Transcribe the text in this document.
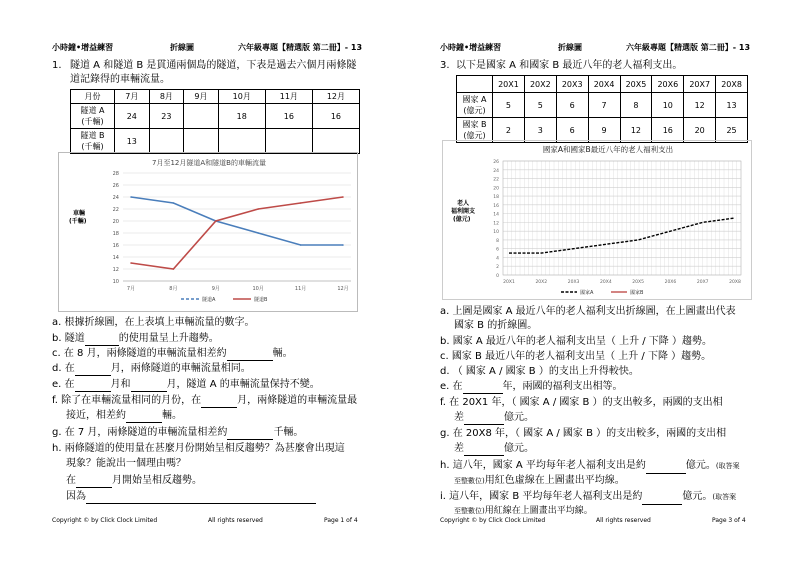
小時鐘•增益練習	折線圖	六年級專題【精選版 第二冊】- 13
1. 隧道 A 和隧道 B 是貫通兩個島的隧道，下表是過去六個月兩條隧
道記錄得的車輛流量。
月份	7月	8月	9月	10月	11月	12月
隧道 A
(千輛)	24	23		18	16	16
隧道 B
(千輛)	13					
7月至12月隧道A和隧道B的車輛流量
10
12
14
16
18
20
22
24
26
28
7月	8月	9月	10月	11月	12月
車輛
(千輛)
隧道A	隧道B
a. 根據折線圖，在上表填上車輛流量的數字。
b. 隧道	的使用量呈上升趨勢。
c. 在 8 月，兩條隧道的車輛流量相差約	輛。
d. 在	月，兩條隧道的車輛流量相同。
e. 在	月和	月，隧道 A 的車輛流量保持不變。
f. 除了在車輛流量相同的月份，在	月，兩條隧道的車輛流量最
接近，相差約	輛。
g. 在 7 月，兩條隧道的車輛流量相差約	千輛。
h. 兩條隧道的使用量在甚麼月份開始呈相反趨勢？為甚麼會出現這
現象？能說出一個理由嗎？
在	月開始呈相反趨勢。
因為
Copyright © by Click Clock Limited	All rights reserved	Page 1 of 4
小時鐘•增益練習	折線圖	六年級專題【精選版 第二冊】- 13
3. 以下是國家 A 和國家 B 最近八年的老人福利支出。
	20X1	20X2	20X3	20X4	20X5	20X6	20X7	20X8
國家 A
(億元)	5	5	6	7	8	10	12	13
國家 B
(億元)	2	3	6	9	12	16	20	25
國家A和國家B最近八年的老人福利支出
0
2
4
6
8
10
12
14
16
18
20
22
24
26
20X1	20X2	20X3	20X4	20X5	20X6	20X7	20X8
老人
福利開支
(億元)
國家A	國家B
a. 上圖是國家 A 最近八年的老人福利支出折線圖，在上圖畫出代表
國家 B 的折線圖。
b. 國家 A 最近八年的老人福利支出呈（ 上升 / 下降 ）趨勢。
c. 國家 B 最近八年的老人福利支出呈（ 上升 / 下降 ）趨勢。
d. （ 國家 A / 國家 B ）的支出上升得較快。
e. 在	年，兩國的福利支出相等。
f. 在 20X1 年，（ 國家 A / 國家 B ）的支出較多，兩國的支出相
差	億元。
g. 在 20X8 年，（ 國家 A / 國家 B ）的支出較多，兩國的支出相
差	億元。
h. 這八年，國家 A 平均每年老人福利支出是約	億元。(取答案
至整數位)用紅色虛線在上圖畫出平均線。
i. 這八年，國家 B 平均每年老人福利支出是約	億元。(取答案
至整數位)用紅線在上圖畫出平均線。
Copyright © by Click Clock Limited	All rights reserved	Page 3 of 4
